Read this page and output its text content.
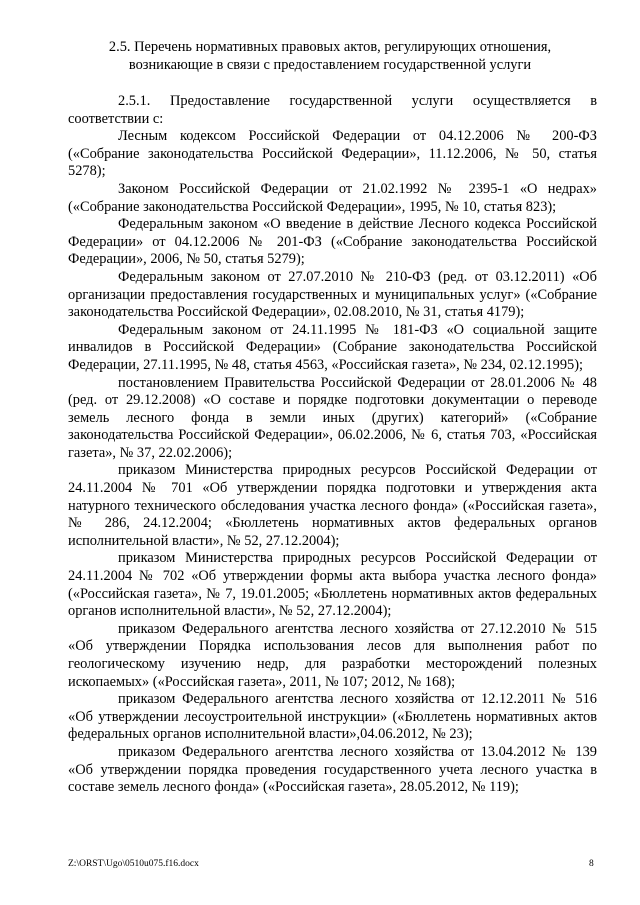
2.5. Перечень нормативных правовых актов, регулирующих отношения, возникающие в связи с предоставлением государственной услуги

2.5.1. Предоставление государственной услуги осуществляется в соответствии с:

Лесным кодексом Российской Федерации от 04.12.2006 № 200-ФЗ («Собрание законодательства Российской Федерации», 11.12.2006, № 50, статья 5278);

Законом Российской Федерации от 21.02.1992 № 2395-1 «О недрах» («Собрание законодательства Российской Федерации», 1995, № 10, статья 823);

Федеральным законом «О введение в действие Лесного кодекса Российской Федерации» от 04.12.2006 № 201-ФЗ («Собрание законодательства Российской Федерации», 2006, № 50, статья 5279);

Федеральным законом от 27.07.2010 № 210-ФЗ (ред. от 03.12.2011) «Об организации предоставления государственных и муниципальных услуг» («Собрание законодательства Российской Федерации», 02.08.2010, № 31, статья 4179);

Федеральным законом от 24.11.1995 № 181-ФЗ «О социальной защите инвалидов в Российской Федерации» (Собрание законодательства Российской Федерации, 27.11.1995, № 48, статья 4563, «Российская газета», № 234, 02.12.1995);

постановлением Правительства Российской Федерации от 28.01.2006 № 48 (ред. от 29.12.2008) «О составе и порядке подготовки документации о переводе земель лесного фонда в земли иных (других) категорий» («Собрание законодательства Российской Федерации», 06.02.2006, № 6, статья 703, «Российская газета», № 37, 22.02.2006);

приказом Министерства природных ресурсов Российской Федерации от 24.11.2004 № 701 «Об утверждении порядка подготовки и утверждения акта натурного технического обследования участка лесного фонда» («Российская газета», № 286, 24.12.2004; «Бюллетень нормативных актов федеральных органов исполнительной власти», № 52, 27.12.2004);

приказом Министерства природных ресурсов Российской Федерации от 24.11.2004 № 702 «Об утверждении формы акта выбора участка лесного фонда» («Российская газета», № 7, 19.01.2005; «Бюллетень нормативных актов федеральных органов исполнительной власти», № 52, 27.12.2004);

приказом Федерального агентства лесного хозяйства от 27.12.2010 № 515 «Об утверждении Порядка использования лесов для выполнения работ по геологическому изучению недр, для разработки месторождений полезных ископаемых» («Российская газета», 2011, № 107; 2012, № 168);

приказом Федерального агентства лесного хозяйства от 12.12.2011 № 516 «Об утверждении лесоустроительной инструкции» («Бюллетень нормативных актов федеральных органов исполнительной власти»,04.06.2012, № 23);

приказом Федерального агентства лесного хозяйства от 13.04.2012 № 139 «Об утверждении порядка проведения государственного учета лесного участка в составе земель лесного фонда» («Российская газета», 28.05.2012, № 119);

Z:\ORST\Ugo\0510u075.f16.docx	8
